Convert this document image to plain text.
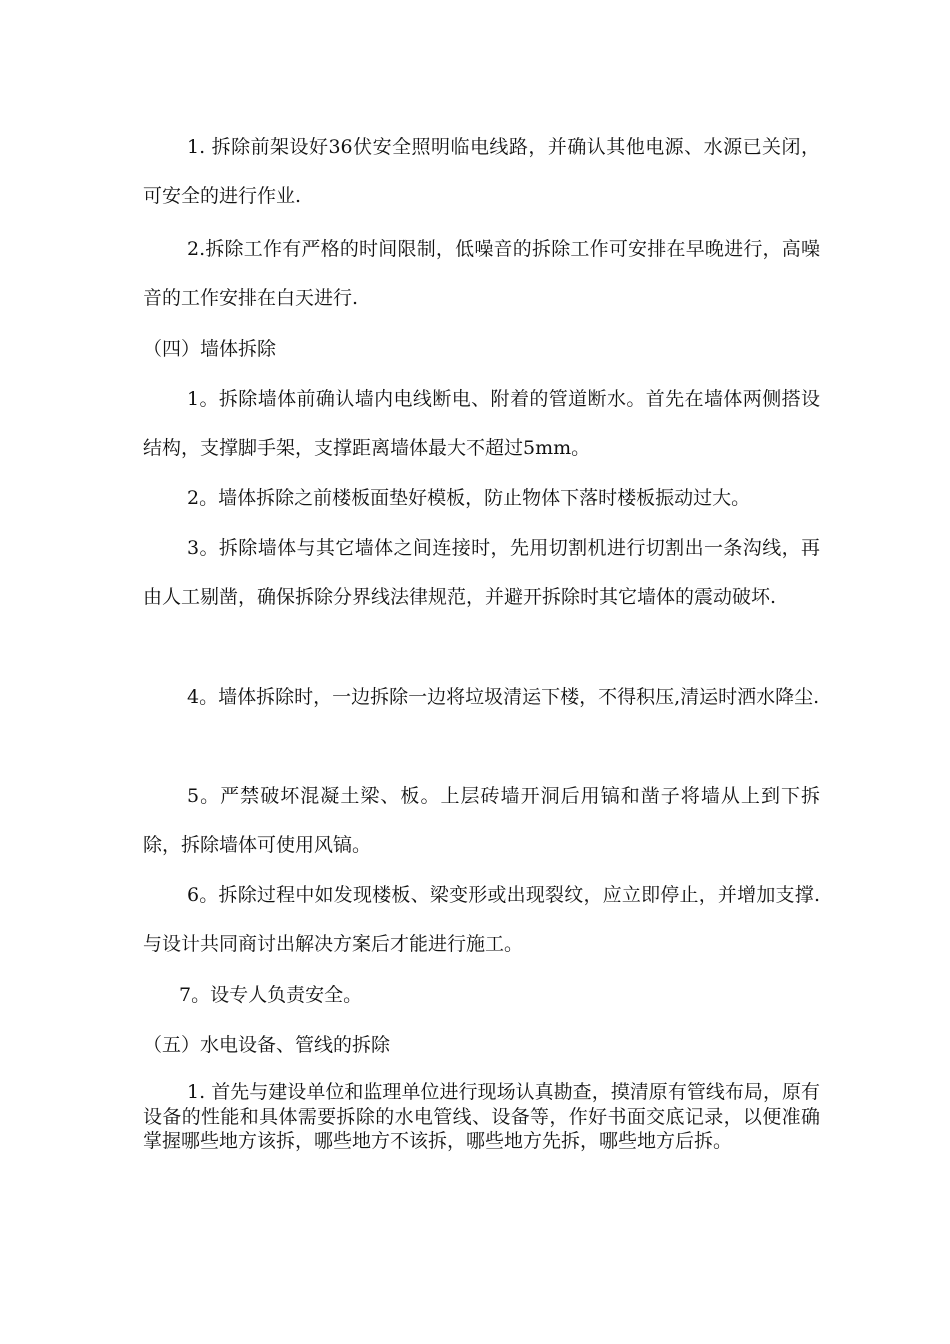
1. 拆除前架设好36伏安全照明临电线路，并确认其他电源、水源已关闭，可安全的进行作业.

2.拆除工作有严格的时间限制，低噪音的拆除工作可安排在早晚进行，高噪音的工作安排在白天进行.

（四）墙体拆除

1。拆除墙体前确认墙内电线断电、附着的管道断水。首先在墙体两侧搭设结构，支撑脚手架，支撑距离墙体最大不超过5mm。

2。墙体拆除之前楼板面垫好模板，防止物体下落时楼板振动过大。

3。拆除墙体与其它墙体之间连接时，先用切割机进行切割出一条沟线，再由人工剔凿，确保拆除分界线法律规范，并避开拆除时其它墙体的震动破坏.

4。墙体拆除时，一边拆除一边将垃圾清运下楼，不得积压,清运时洒水降尘.

5。严禁破坏混凝土梁、板。上层砖墙开洞后用镐和凿子将墙从上到下拆除，拆除墙体可使用风镐。

6。拆除过程中如发现楼板、梁变形或出现裂纹，应立即停止，并增加支撑.与设计共同商讨出解决方案后才能进行施工。

7。设专人负责安全。

（五）水电设备、管线的拆除

1. 首先与建设单位和监理单位进行现场认真勘查，摸清原有管线布局，原有设备的性能和具体需要拆除的水电管线、设备等，作好书面交底记录，以便准确掌握哪些地方该拆，哪些地方不该拆，哪些地方先拆，哪些地方后拆。
